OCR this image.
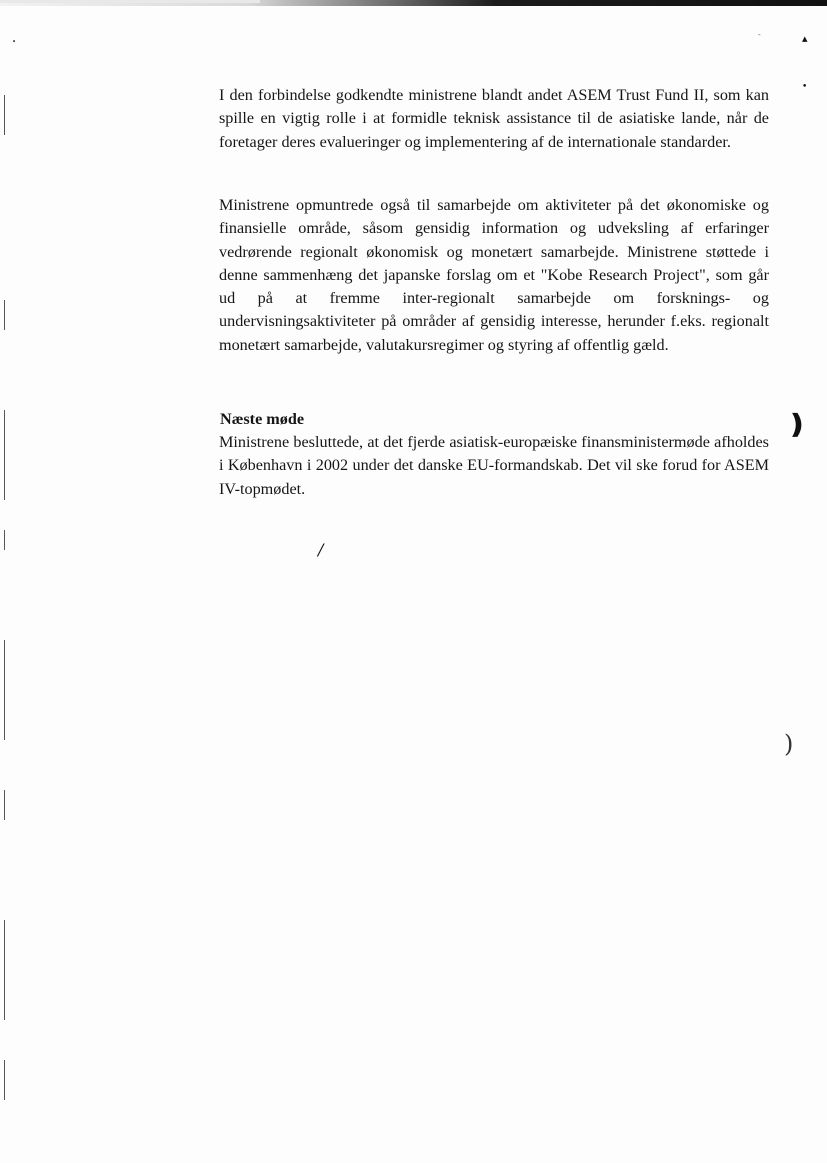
I den forbindelse godkendte ministrene blandt andet ASEM Trust Fund II, som kan spille en vigtig rolle i at formidle teknisk assistance til de asiatiske lande, når de foretager deres evalueringer og implementering af de internationale standarder.

Ministrene opmuntrede også til samarbejde om aktiviteter på det økonomiske og finansielle område, såsom gensidig information og udveksling af erfaringer vedrørende regionalt økonomisk og monetært samarbejde. Ministrene støttede i denne sammenhæng det japanske forslag om et "Kobe Research Project", som går ud på at fremme inter-regionalt samarbejde om forsknings- og undervisningsaktiviteter på områder af gensidig interesse, herunder f.eks. regionalt monetært samarbejde, valutakursregimer og styring af offentlig gæld.

Næste møde

Ministrene besluttede, at det fjerde asiatisk-europæiske finansministermøde afholdes i København i 2002 under det danske EU-formandskab. Det vil ske forud for ASEM IV-topmødet.

▴
•
❫
/
)
•
-
